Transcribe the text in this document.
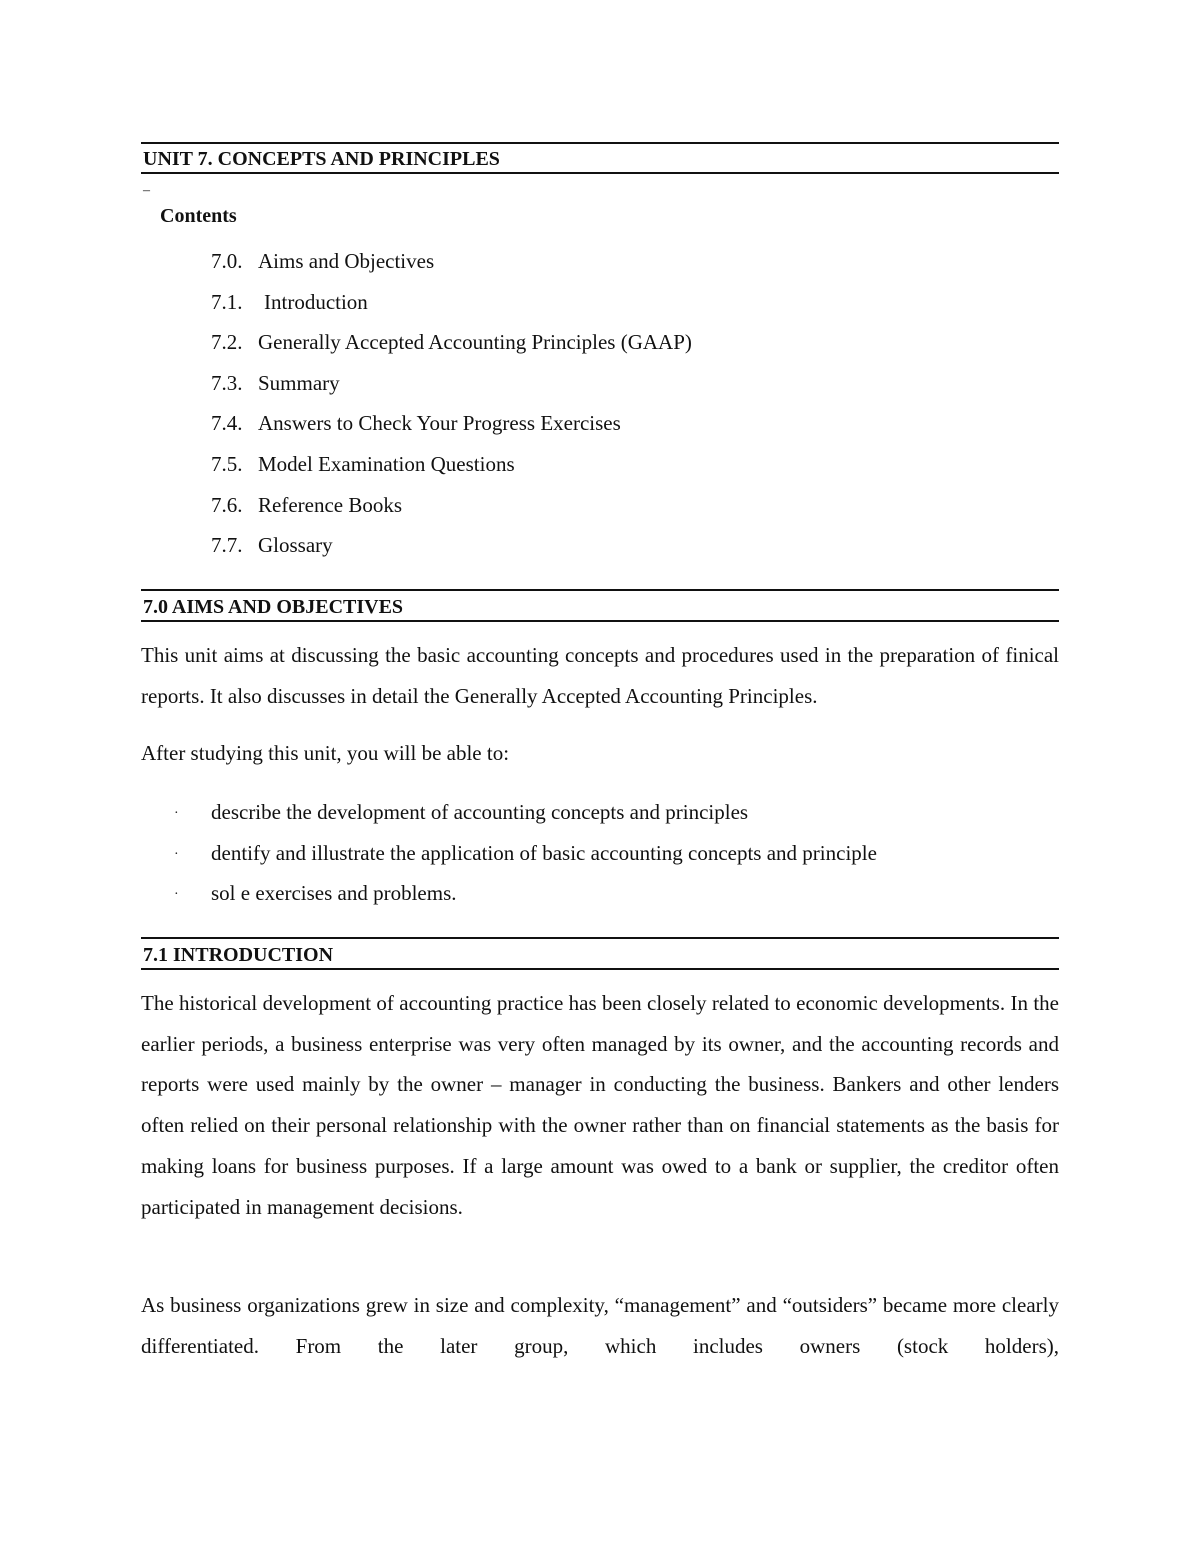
UNIT 7. CONCEPTS AND PRINCIPLES
–
Contents
7.0. Aims and Objectives
7.1. Introduction
7.2. Generally Accepted Accounting Principles (GAAP)
7.3. Summary
7.4. Answers to Check Your Progress Exercises
7.5. Model Examination Questions
7.6. Reference Books
7.7. Glossary
7.0 AIMS AND OBJECTIVES

This unit aims at discussing the basic accounting concepts and procedures used in the preparation of finical reports. It also discusses in detail the Generally Accepted Accounting Principles.

After studying this unit, you will be able to:

· describe the development of accounting concepts and principles
· dentify and illustrate the application of basic accounting concepts and principle
· sol e exercises and problems.
7.1 INTRODUCTION

The historical development of accounting practice has been closely related to economic developments. In the earlier periods, a business enterprise was very often managed by its owner, and the accounting records and reports were used mainly by the owner – manager in conducting the business. Bankers and other lenders often relied on their personal relationship with the owner rather than on financial statements as the basis for making loans for business purposes. If a large amount was owed to a bank or supplier, the creditor often participated in management decisions.

As business organizations grew in size and complexity, “management” and “outsiders” became more clearly differentiated. From the later group, which includes owners (stock holders),
